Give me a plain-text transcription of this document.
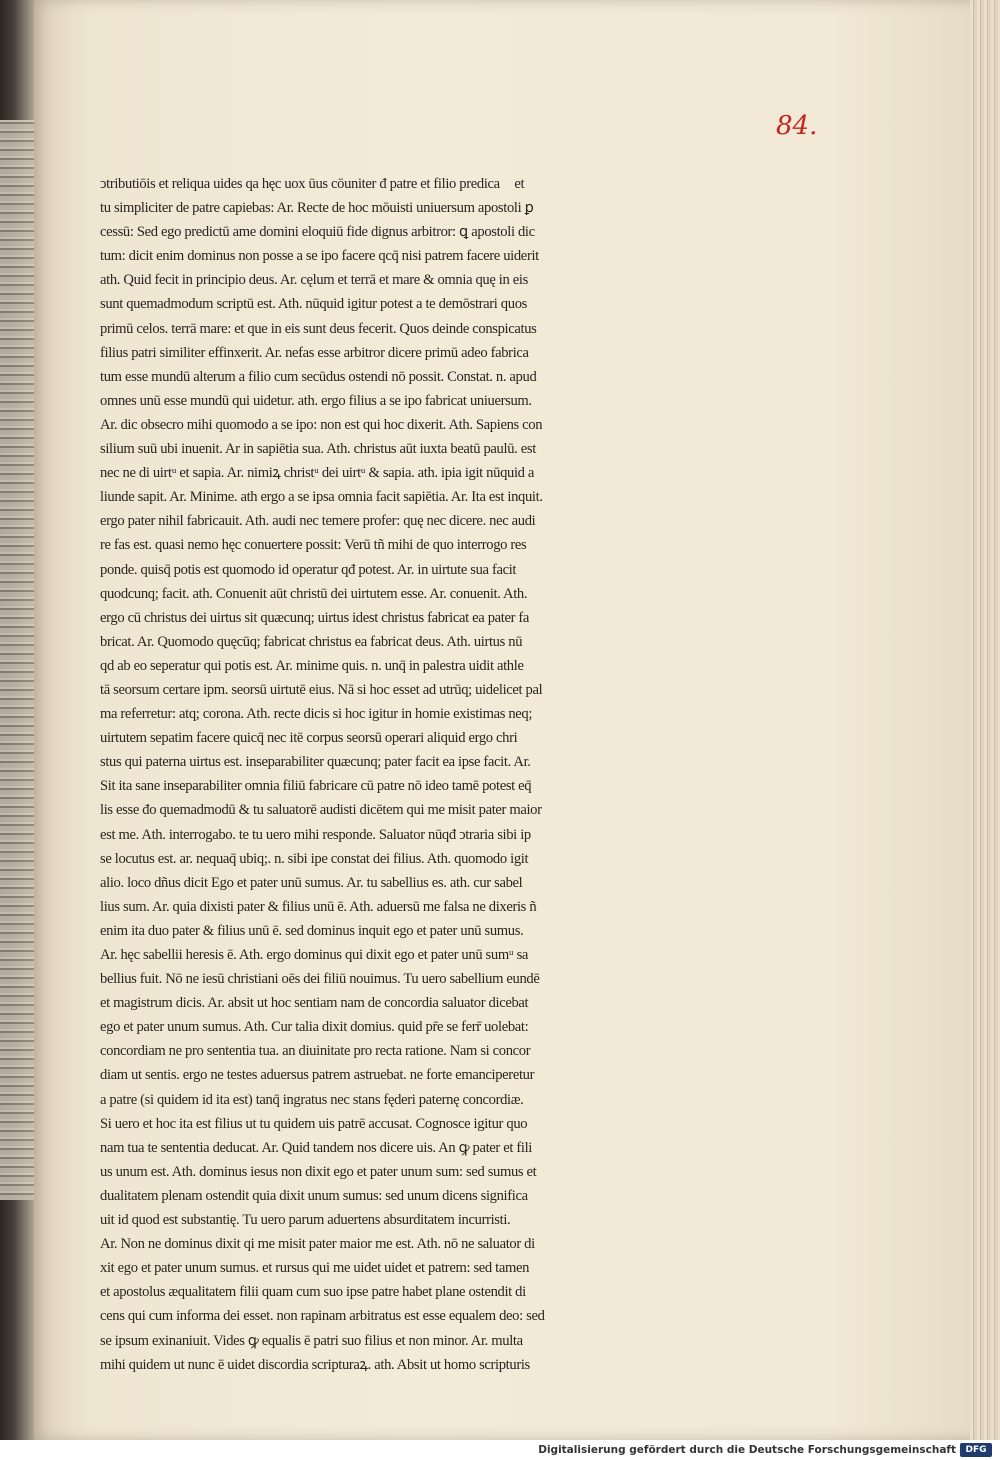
84.
ↄtributiōis et reliqua uides qa hęc uox ūus cōuniter đ patre et filio predicaᷓ et
tu simpliciter de patre capiebas: Ar. Recte de hoc mōuisti uniuersum apostoli ꝑ
cessū: Sed ego predictū ame domini eloquiū fide dignus arbitror: ꝗ apostoli dic
tum: dicit enim dominus non posse a se ipo facere qcq̄ nisi patrem facere uiderit
ath. Quid fecit in principio deus. Ar. cęlum et terrā et mare & omnia quę in eis
sunt quemadmodum scriptū est. Ath. nūquid igitur potest a te demōstrari quos
primū celos. terrā mare: et que in eis sunt deus fecerit. Quos deinde conspicatus
filius patri similiter effinxerit. Ar. nefas esse arbitror dicere primū adeo fabrica
tum esse mundū alterum a filio cum secūdus ostendi nō possit. Constat. n. apud
omnes unū esse mundū qui uidetur. ath. ergo filius a se ipo fabricat uniuersum.
Ar. dic obsecro mihi quomodo a se ipo: non est qui hoc dixerit. Ath. Sapiens con
silium suū ubi inuenit. Ar in sapiētia sua. Ath. christus aūt iuxta beatū paulū. est
nec ne di uirtᵘ et sapia. Ar. nimiꝝ christᵘ dei uirtᵘ & sapia. ath. ipia igit nūquid a
liunde sapit. Ar. Minime. ath ergo a se ipsa omnia facit sapiētia. Ar. Ita est inquit.
ergo pater nihil fabricauit. Ath. audi nec temere profer: quę nec dicere. nec audi
re fas est. quasi nemo hęc conuertere possit: Verū tñ mihi de quo interrogo res
ponde. quisq̄ potis est quomodo id operatur qđ potest. Ar. in uirtute sua facit
quodcunq; facit. ath. Conuenit aūt christū dei uirtutem esse. Ar. conuenit. Ath.
ergo cū christus dei uirtus sit quæcunq; uirtus idest christus fabricat ea pater fa
bricat. Ar. Quomodo quęcūq; fabricat christus ea fabricat deus. Ath. uirtus nū
qd ab eo seperatur qui potis est. Ar. minime quis. n. unq̄ in palestra uidit athle
tā seorsum certare ipm. seorsū uirtutē eius. Nā si hoc esset ad utrūq; uidelicet pal
ma referretur: atq; corona. Ath. recte dicis si hoc igitur in homie existimas neq;
uirtutem sepatim facere quicq̄ nec itē corpus seorsū operari aliquid ergo chri
stus qui paterna uirtus est. inseparabiliter quæcunq; pater facit ea ipse facit. Ar.
Sit ita sane inseparabiliter omnia filiū fabricare cū patre nō ideo tamē potest eq̄
lis esse đo quemadmodū & tu saluatorē audisti dicētem qui me misit pater maior
est me. Ath. interrogabo. te tu uero mihi responde. Saluator nūqđ ↄtraria sibi ip
se locutus est. ar. nequaq̄ ubiq;. n. sibi ipe constat dei filius. Ath. quomodo igit
alio. loco dñus dicit Ego et pater unū sumus. Ar. tu sabellius es. ath. cur sabel
lius sum. Ar. quia dixisti pater & filius unū ē. Ath. aduersū me falsa ne dixeris ñ
enim ita duo pater & filius unū ē. sed dominus inquit ego et pater unū sumus.
Ar. hęc sabellii heresis ē. Ath. ergo dominus qui dixit ego et pater unū sumᵘ sa
bellius fuit. Nō ne iesū christiani oēs dei filiū nouimus. Tu uero sabellium eundē
et magistrum dicis. Ar. absit ut hoc sentiam nam de concordia saluator dicebat
ego et pater unum sumus. Ath. Cur talia dixit domius. quid pr̄e se ferr̄ uolebat:
concordiam ne pro sententia tua. an diuinitate pro recta ratione. Nam si concor
diam ut sentis. ergo ne testes aduersus patrem astruebat. ne forte emanciperetur
a patre (si quidem id ita est) tanq̄ ingratus nec stans fęderi paternę concordiæ.
Si uero et hoc ita est filius ut tu quidem uis patrē accusat. Cognosce igitur quo
nam tua te sententia deducat. Ar. Quid tandem nos dicere uis. An ꝙ pater et fili
us unum est. Ath. dominus iesus non dixit ego et pater unum sum: sed sumus et
dualitatem plenam ostendit quia dixit unum sumus: sed unum dicens significa
uit id quod est substantię. Tu uero parum aduertens absurditatem incurristi.
Ar. Non ne dominus dixit qi me misit pater maior me est. Ath. nō ne saluator di
xit ego et pater unum sumus. et rursus qui me uidet uidet et patrem: sed tamen
et apostolus æqualitatem filii quam cum suo ipse patre habet plane ostendit di
cens qui cum informa dei esset. non rapinam arbitratus est esse equalem deo: sed
se ipsum exinaniuit. Vides ꝙ equalis ē patri suo filius et non minor. Ar. multa
mihi quidem ut nunc ē uidet discordia scripturaꝝ. ath. Absit ut homo scripturis
Digitalisierung gefördert durch die Deutsche Forschungsgemeinschaft	DFG
